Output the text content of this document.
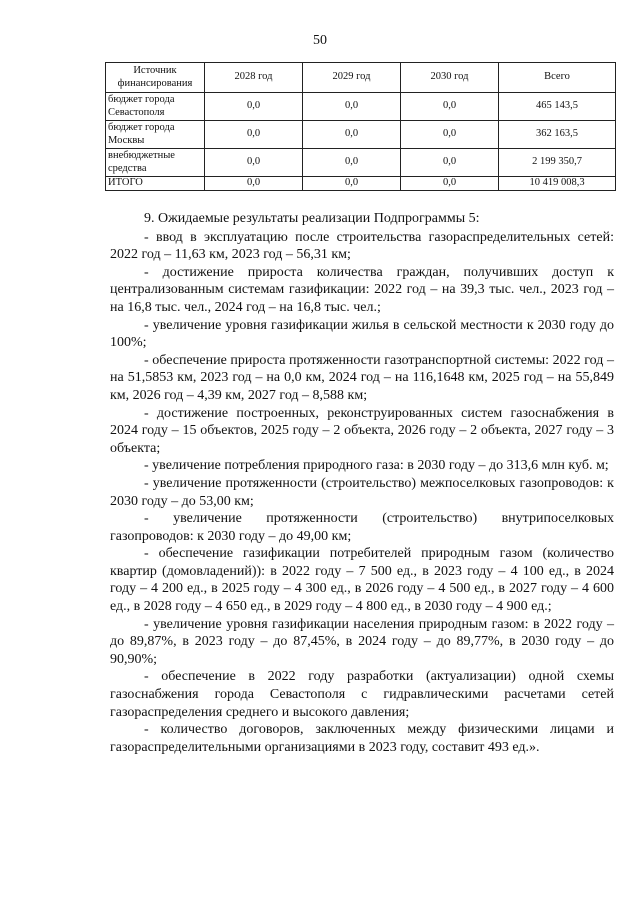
50
Источник финансирования	2028 год	2029 год	2030 год	Всего
бюджет города Севастополя	0,0	0,0	0,0	465 143,5
бюджет города Москвы	0,0	0,0	0,0	362 163,5
внебюджетные средства	0,0	0,0	0,0	2 199 350,7
ИТОГО	0,0	0,0	0,0	10 419 008,3

9. Ожидаемые результаты реализации Подпрограммы 5:

- ввод в эксплуатацию после строительства газораспределительных сетей: 2022 год – 11,63 км, 2023 год – 56,31 км;

- достижение прироста количества граждан, получивших доступ к централизованным системам газификации: 2022 год – на 39,3 тыс. чел., 2023 год – на 16,8 тыс. чел., 2024 год – на 16,8 тыс. чел.;

- увеличение уровня газификации жилья в сельской местности к 2030 году до 100%;

- обеспечение прироста протяженности газотранспортной системы: 2022 год – на 51,5853 км, 2023 год – на 0,0 км, 2024 год – на 116,1648 км, 2025 год – на 55,849 км, 2026 год – 4,39 км, 2027 год – 8,588 км;

- достижение построенных, реконструированных систем газоснабжения в 2024 году – 15 объектов, 2025 году – 2 объекта, 2026 году – 2 объекта, 2027 году – 3 объекта;

- увеличение потребления природного газа: в 2030 году – до 313,6 млн куб. м;

- увеличение протяженности (строительство) межпоселковых газопроводов: к 2030 году – до 53,00 км;

- увеличение протяженности (строительство) внутрипоселковых газопроводов: к 2030 году – до 49,00 км;

- обеспечение газификации потребителей природным газом (количество квартир (домовладений)): в 2022 году – 7 500 ед., в 2023 году – 4 100 ед., в 2024 году – 4 200 ед., в 2025 году – 4 300 ед., в 2026 году – 4 500 ед., в 2027 году – 4 600 ед., в 2028 году – 4 650 ед., в 2029 году – 4 800 ед., в 2030 году – 4 900 ед.;

- увеличение уровня газификации населения природным газом: в 2022 году – до 89,87%, в 2023 году – до 87,45%, в 2024 году – до 89,77%, в 2030 году – до 90,90%;

- обеспечение в 2022 году разработки (актуализации) одной схемы газоснабжения города Севастополя с гидравлическими расчетами сетей газораспределения среднего и высокого давления;

- количество договоров, заключенных между физическими лицами и газораспределительными организациями в 2023 году, составит 493 ед.».
